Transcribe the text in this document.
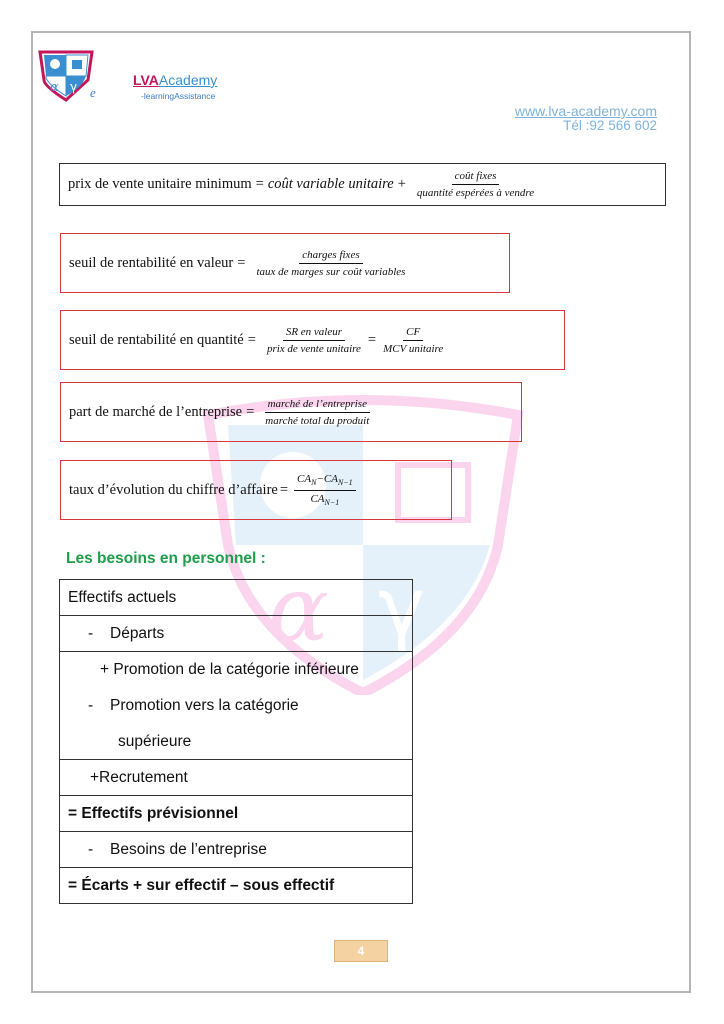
α γ e
LVAAcademy
-learningAssistance
www.lva-academy.com
Tél :92 566 602
α γ
prix de vente unitaire minimum = coût variable unitaire + $\frac{\text{coût fixes}}{\text{quantité espérées à vendre}}$
seuil de rentabilité en valeur = $\frac{\text{charges fixes}}{\text{taux de marges sur coût variables}}$
seuil de rentabilité en quantité = $\frac{\text{SR en valeur}}{\text{prix de vente unitaire}} = \frac{CF}{\text{MCV unitaire}}$
part de marché de l’entreprise = $\frac{\text{marché de l’entreprise}}{\text{marché total du produit}}$
taux d’évolution du chiffre d’affaire = $\frac{CA_N-CA_{N-1}}{CA_{N-1}}$
Les besoins en personnel :
Effectifs actuels
- Départs
+ Promotion de la catégorie inférieure
- Promotion vers la catégorie
supérieure
+Recrutement
= Effectifs prévisionnel
- Besoins de l’entreprise
= Écarts + sur effectif – sous effectif
4
